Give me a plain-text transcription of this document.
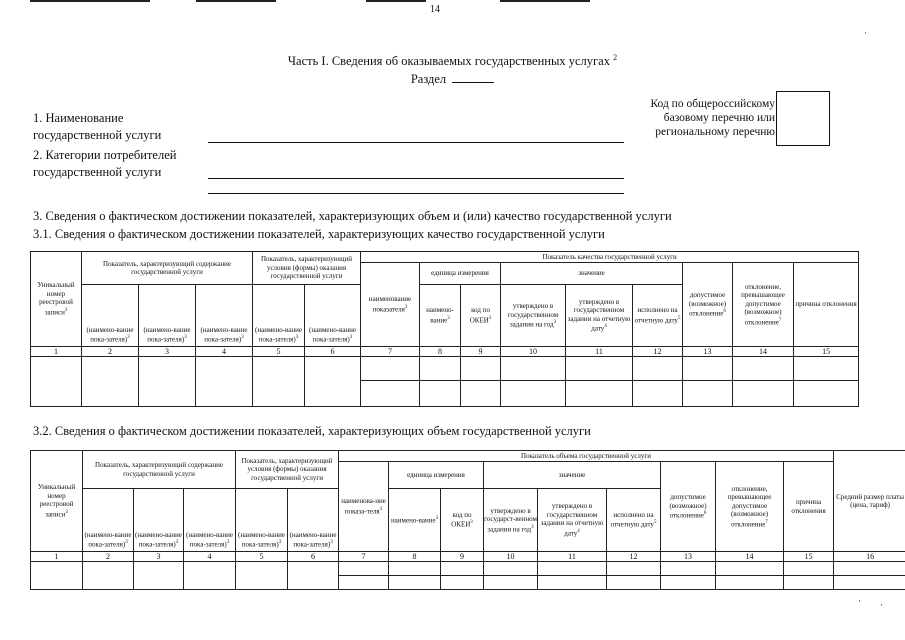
14
Часть I. Сведения об оказываемых государственных услугах $^2$
Раздел
1. Наименование
государственной услуги
2. Категории потребителей
государственной услуги
Код по общероссийскому
базовому перечню или
региональному перечню
3. Сведения о фактическом достижении показателей, характеризующих объем и (или) качество государственной услуги
3.1. Сведения о фактическом достижении показателей, характеризующих качество государственной услуги
Уникальный номер реестровой записи$^3$	Показатель, характеризующий содержание государственной услуги			Показатель, характеризующий условия (формы) оказания государственной услуги		Показатель качества государственной услуги								
						наименование показателя$^3$	единица измерения		значение			допустимое (возможное) отклонение$^6$	отклонение, превышающее допустимое (возможное) отклонение$^7$	причина отклонения
	(наимено-вание пока-зателя)$^3$	(наимено-вание пока-зателя)$^3$	(наимено-вание пока-зателя)$^3$	(наимено-вание пока-зателя)$^3$	(наимено-вание пока-зателя)$^3$		наимено-вание$^3$	код по ОКЕИ$^3$	утверждено в государственном задании на год$^3$	утверждено в государственном задании на отчетную дату$^4$	исполнено на отчетную дату$^5$
1	2	3	4	5	6	7	8	9	10	11	12	13	14	15

3.2. Сведения о фактическом достижении показателей, характеризующих объем государственной услуги
Уникальный номер реестровой записи$^3$	Показатель, характеризующий содержание государственной услуги			Показатель, характеризующий условия (формы) оказания государственной услуги		Показатель объема государственной услуги									Средний размер платы (цена, тариф)
						наименова-ние показа-теля$^3$	единица измерения		значение			допустимое (возможное) отклонение$^6$	отклонение, превышающее допустимое (возможное) отклонение$^7$	причина отклонения	
	(наимено-вание пока-зателя)$^3$	(наимено-вание пока-зателя)$^3$	(наимено-вание пока-зателя)$^3$	(наимено-вание пока-зателя)$^3$	(наимено-вание пока-зателя)$^3$		наимено-вание$^3$	код по ОКЕИ$^3$	утверждено в государст-венном задании на год$^3$	утверждено в государственном задании на отчетную дату$^4$	исполнено на отчетную дату$^5$
1	2	3	4	5	6	7	8	9	10	11	12	13	14	15	16

·
· ·
